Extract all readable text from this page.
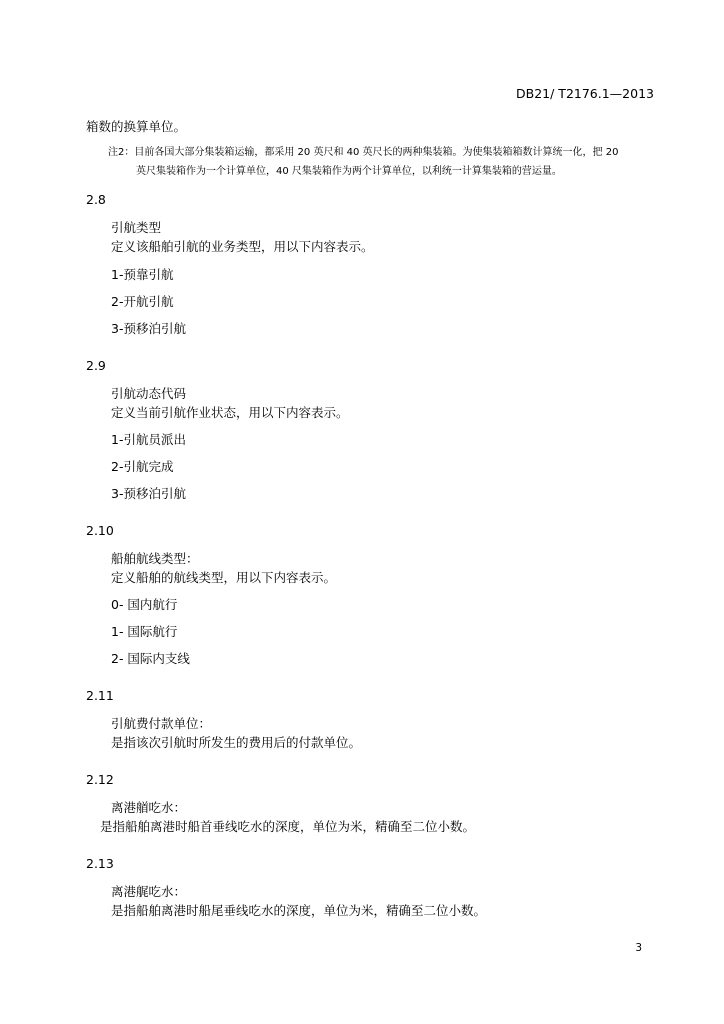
DB21/ T2176.1—2013
箱数的换算单位。
注2：目前各国大部分集装箱运输，都采用 20 英尺和 40 英尺长的两种集装箱。为使集装箱箱数计算统一化，把 20
英尺集装箱作为一个计算单位，40 尺集装箱作为两个计算单位，以利统一计算集装箱的营运量。
2.8
引航类型
定义该船舶引航的业务类型，用以下内容表示。
1-预靠引航
2-开航引航
3-预移泊引航
2.9
引航动态代码
定义当前引航作业状态，用以下内容表示。
1-引航员派出
2-引航完成
3-预移泊引航
2.10
船舶航线类型：
定义船舶的航线类型，用以下内容表示。
0- 国内航行
1- 国际航行
2- 国际内支线
2.11
引航费付款单位：
是指该次引航时所发生的费用后的付款单位。
2.12
离港艏吃水：
是指船舶离港时船首垂线吃水的深度，单位为米，精确至二位小数。
2.13
离港艉吃水：
是指船舶离港时船尾垂线吃水的深度，单位为米，精确至二位小数。
3
